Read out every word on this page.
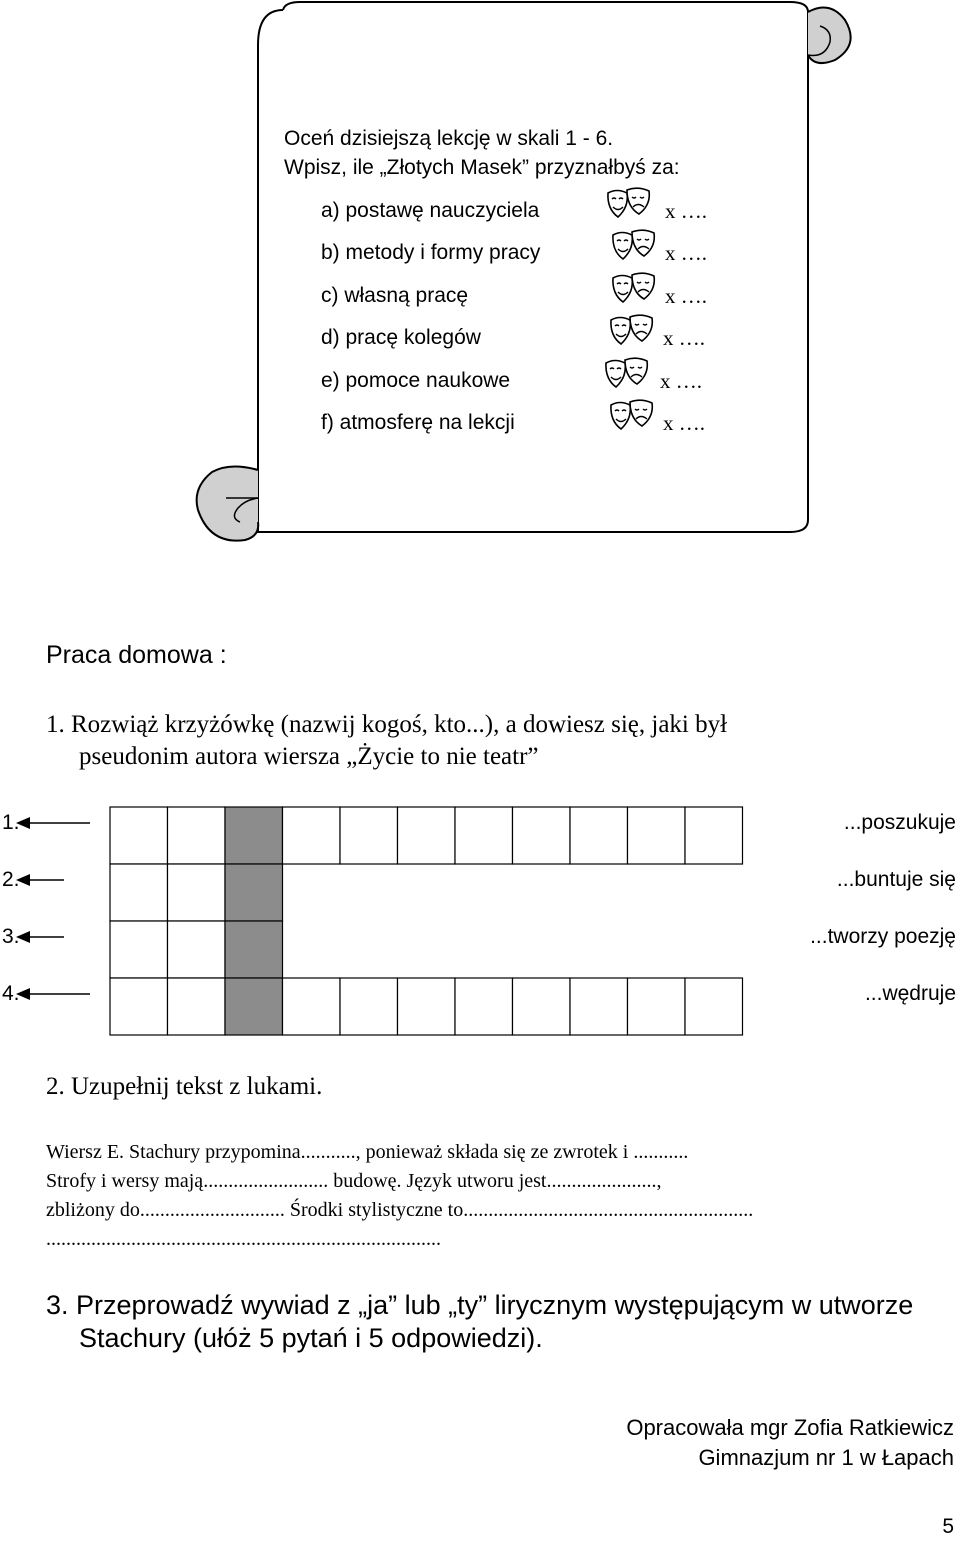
Oceń dzisiejszą lekcję w skali 1 - 6.
Wpisz, ile „Złotych Masek” przyznałbyś za:
a) postawę nauczyciela	x ….
b) metody i formy pracy	x ….
c) własną pracę	x ….
d) pracę kolegów	x ….
e) pomoce naukowe	x ….
f) atmosferę na lekcji	x ….
Praca domowa :
1. Rozwiąż krzyżówkę (nazwij kogoś, kto...), a dowiesz się, jaki był
pseudonim autora wiersza „Życie to nie teatr”
1.	...poszukuje
2.	...buntuje się
3.	...tworzy poezję
4.	...wędruje
2. Uzupełnij tekst z lukami.
Wiersz E. Stachury przypomina..........., ponieważ składa się ze zwrotek i ...........
Strofy i wersy mają......................... budowę. Język utworu jest......................,
zbliżony do............................. Środki stylistyczne to..........................................................
...............................................................................
3. Przeprowadź wywiad z „ja” lub „ty” lirycznym występującym w utworze
Stachury (ułóż 5 pytań i 5 odpowiedzi).
Opracowała mgr Zofia Ratkiewicz
Gimnazjum nr 1 w Łapach
5
